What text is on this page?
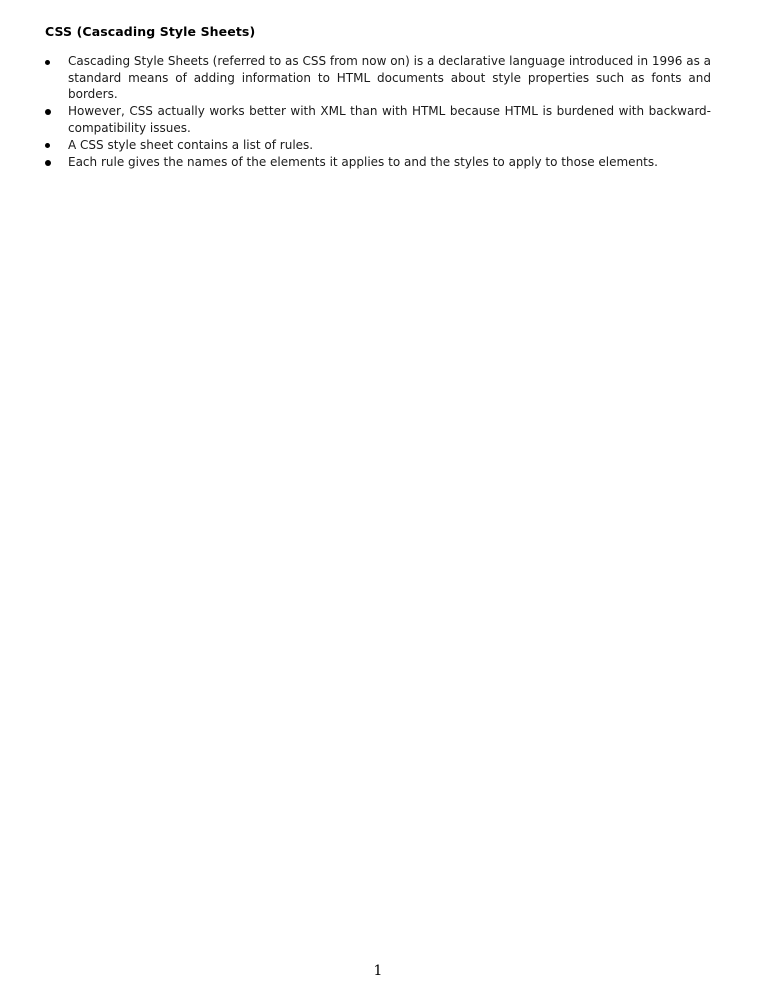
CSS (Cascading Style Sheets)
Cascading Style Sheets (referred to as CSS from now on) is a declarative language introduced in 1996 as a standard means of adding information to HTML documents about style properties such as fonts and borders.
However, CSS actually works better with XML than with HTML because HTML is burdened with backward-compatibility issues.
A CSS style sheet contains a list of rules.
Each rule gives the names of the elements it applies to and the styles to apply to those elements.
1
